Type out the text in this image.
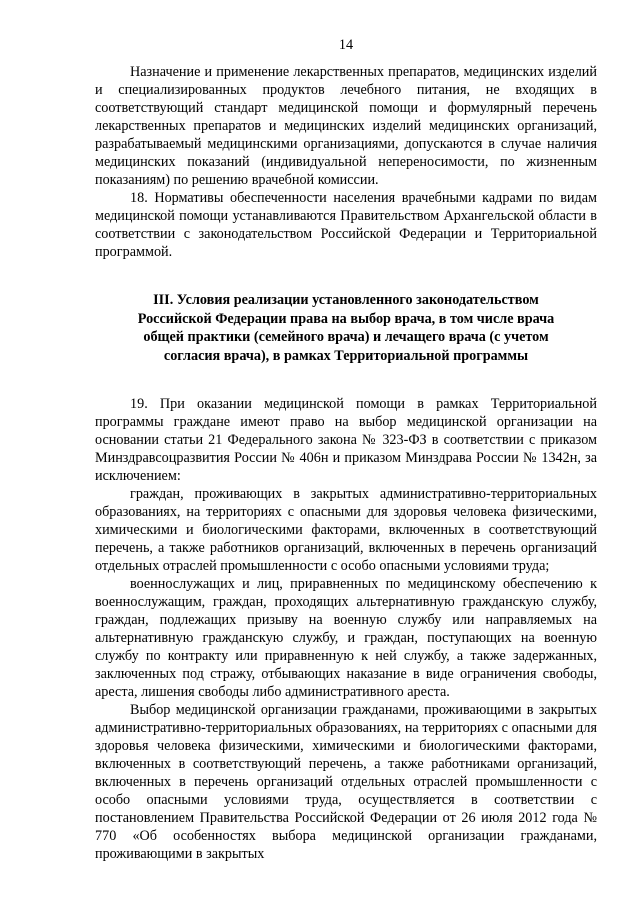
14

Назначение и применение лекарственных препаратов, медицинских изделий и специализированных продуктов лечебного питания, не входящих в соответствующий стандарт медицинской помощи и формулярный перечень лекарственных препаратов и медицинских изделий медицинских организаций, разрабатываемый медицинскими организациями, допускаются в случае наличия медицинских показаний (индивидуальной непереносимости, по жизненным показаниям) по решению врачебной комиссии.

18. Нормативы обеспеченности населения врачебными кадрами по видам медицинской помощи устанавливаются Правительством Архангельской области в соответствии с законодательством Российской Федерации и Территориальной программой.

III. Условия реализации установленного законодательством Российской Федерации права на выбор врача, в том числе врача общей практики (семейного врача) и лечащего врача (с учетом согласия врача), в рамках Территориальной программы

19. При оказании медицинской помощи в рамках Территориальной программы граждане имеют право на выбор медицинской организации на основании статьи 21 Федерального закона № 323-ФЗ в соответствии с приказом Минздравсоцразвития России № 406н и приказом Минздрава России № 1342н, за исключением:

граждан, проживающих в закрытых административно-территориальных образованиях, на территориях с опасными для здоровья человека физическими, химическими и биологическими факторами, включенных в соответствующий перечень, а также работников организаций, включенных в перечень организаций отдельных отраслей промышленности с особо опасными условиями труда;

военнослужащих и лиц, приравненных по медицинскому обеспечению к военнослужащим, граждан, проходящих альтернативную гражданскую службу, граждан, подлежащих призыву на военную службу или направляемых на альтернативную гражданскую службу, и граждан, поступающих на военную службу по контракту или приравненную к ней службу, а также задержанных, заключенных под стражу, отбывающих наказание в виде ограничения свободы, ареста, лишения свободы либо административного ареста.

Выбор медицинской организации гражданами, проживающими в закрытых административно-территориальных образованиях, на территориях с опасными для здоровья человека физическими, химическими и биологическими факторами, включенных в соответствующий перечень, а также работниками организаций, включенных в перечень организаций отдельных отраслей промышленности с особо опасными условиями труда, осуществляется в соответствии с постановлением Правительства Российской Федерации от 26 июля 2012 года № 770 «Об особенностях выбора медицинской организации гражданами, проживающими в закрытых
